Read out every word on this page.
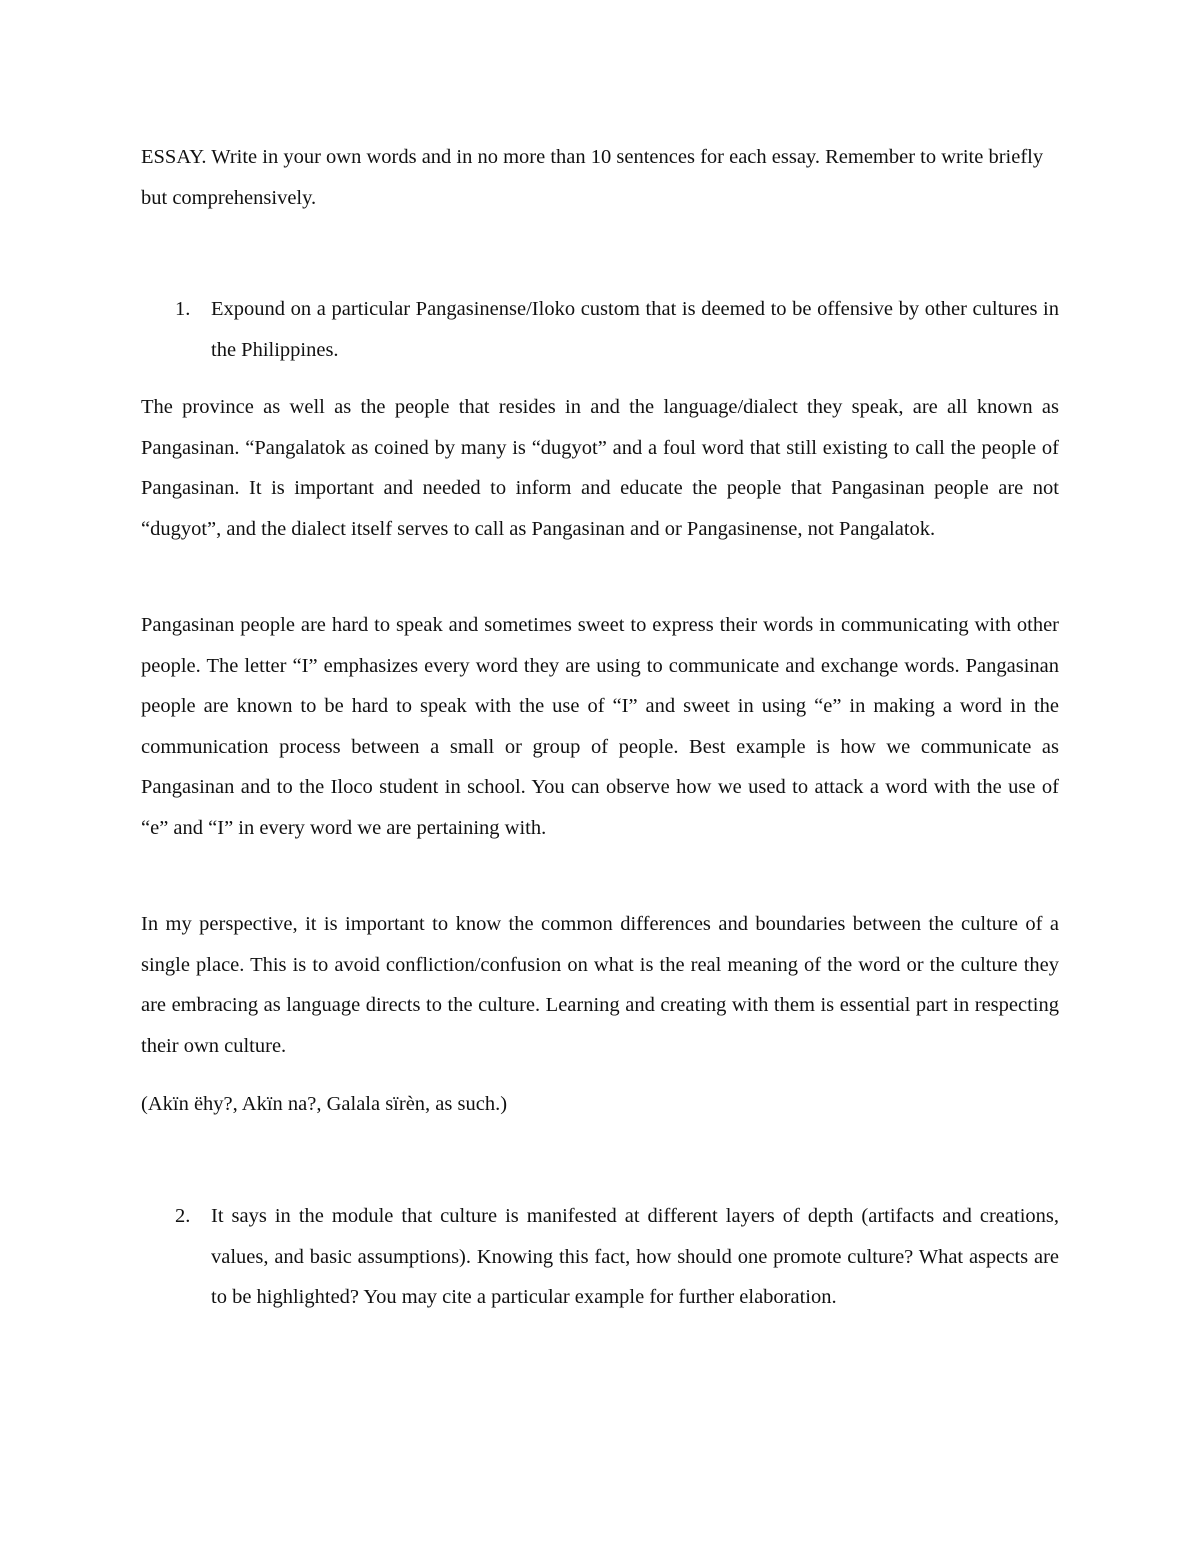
ESSAY. Write in your own words and in no more than 10 sentences for each essay. Remember to write briefly but comprehensively.

1.	Expound on a particular Pangasinense/Iloko custom that is deemed to be offensive by other cultures in the Philippines.

The province as well as the people that resides in and the language/dialect they speak, are all known as Pangasinan. “Pangalatok as coined by many is “dugyot” and a foul word that still existing to call the people of Pangasinan. It is important and needed to inform and educate the people that Pangasinan people are not “dugyot”, and the dialect itself serves to call as Pangasinan and or Pangasinense, not Pangalatok.

Pangasinan people are hard to speak and sometimes sweet to express their words in communicating with other people. The letter “I” emphasizes every word they are using to communicate and exchange words. Pangasinan people are known to be hard to speak with the use of “I” and sweet in using “e” in making a word in the communication process between a small or group of people. Best example is how we communicate as Pangasinan and to the Iloco student in school. You can observe how we used to attack a word with the use of “e” and “I” in every word we are pertaining with.

In my perspective, it is important to know the common differences and boundaries between the culture of a single place. This is to avoid confliction/confusion on what is the real meaning of the word or the culture they are embracing as language directs to the culture. Learning and creating with them is essential part in respecting their own culture.

(Akïn ëhy?, Akïn na?, Galala sïrèn, as such.)

2.	It says in the module that culture is manifested at different layers of depth (artifacts and creations, values, and basic assumptions). Knowing this fact, how should one promote culture? What aspects are to be highlighted? You may cite a particular example for further elaboration.
